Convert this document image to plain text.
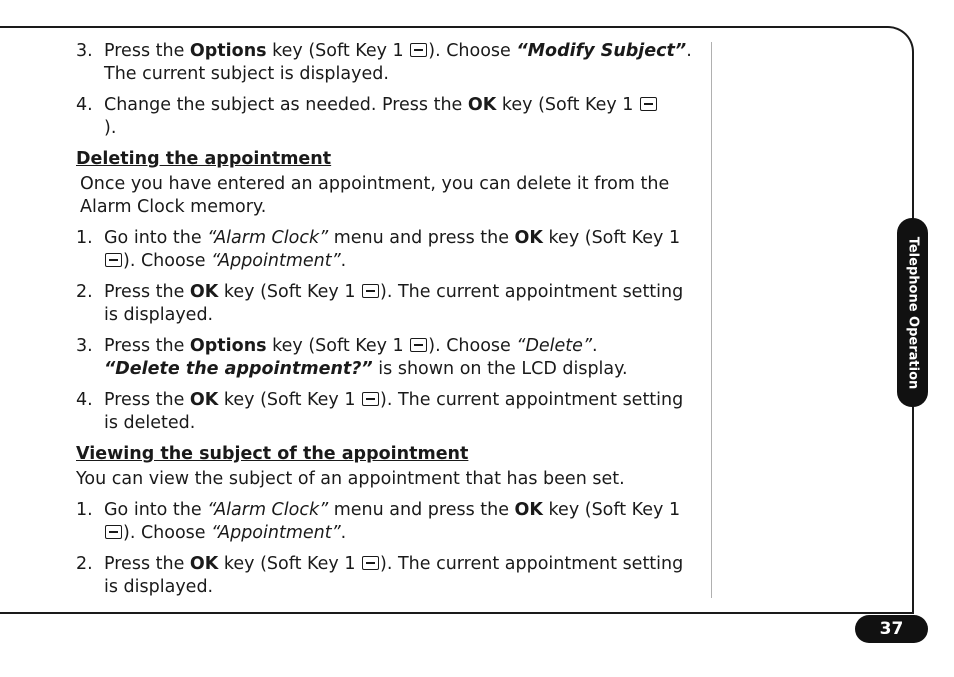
Telephone Operation
37
3. Press the Options key (Soft Key 1 ). Choose “Modify Subject”. The current subject is displayed.
4. Change the subject as needed. Press the OK key (Soft Key 1
).
Deleting the appointment
Once you have entered an appointment, you can delete it from the Alarm Clock memory.
1. Go into the “Alarm Clock” menu and press the OK key (Soft Key 1 ). Choose “Appointment”.
2. Press the OK key (Soft Key 1 ). The current appointment setting is displayed.
3. Press the Options key (Soft Key 1 ). Choose “Delete”.
“Delete the appointment?” is shown on the LCD display.
4. Press the OK key (Soft Key 1 ). The current appointment setting is deleted.
Viewing the subject of the appointment
You can view the subject of an appointment that has been set.
1. Go into the “Alarm Clock” menu and press the OK key (Soft Key 1 ). Choose “Appointment”.
2. Press the OK key (Soft Key 1 ). The current appointment setting is displayed.
